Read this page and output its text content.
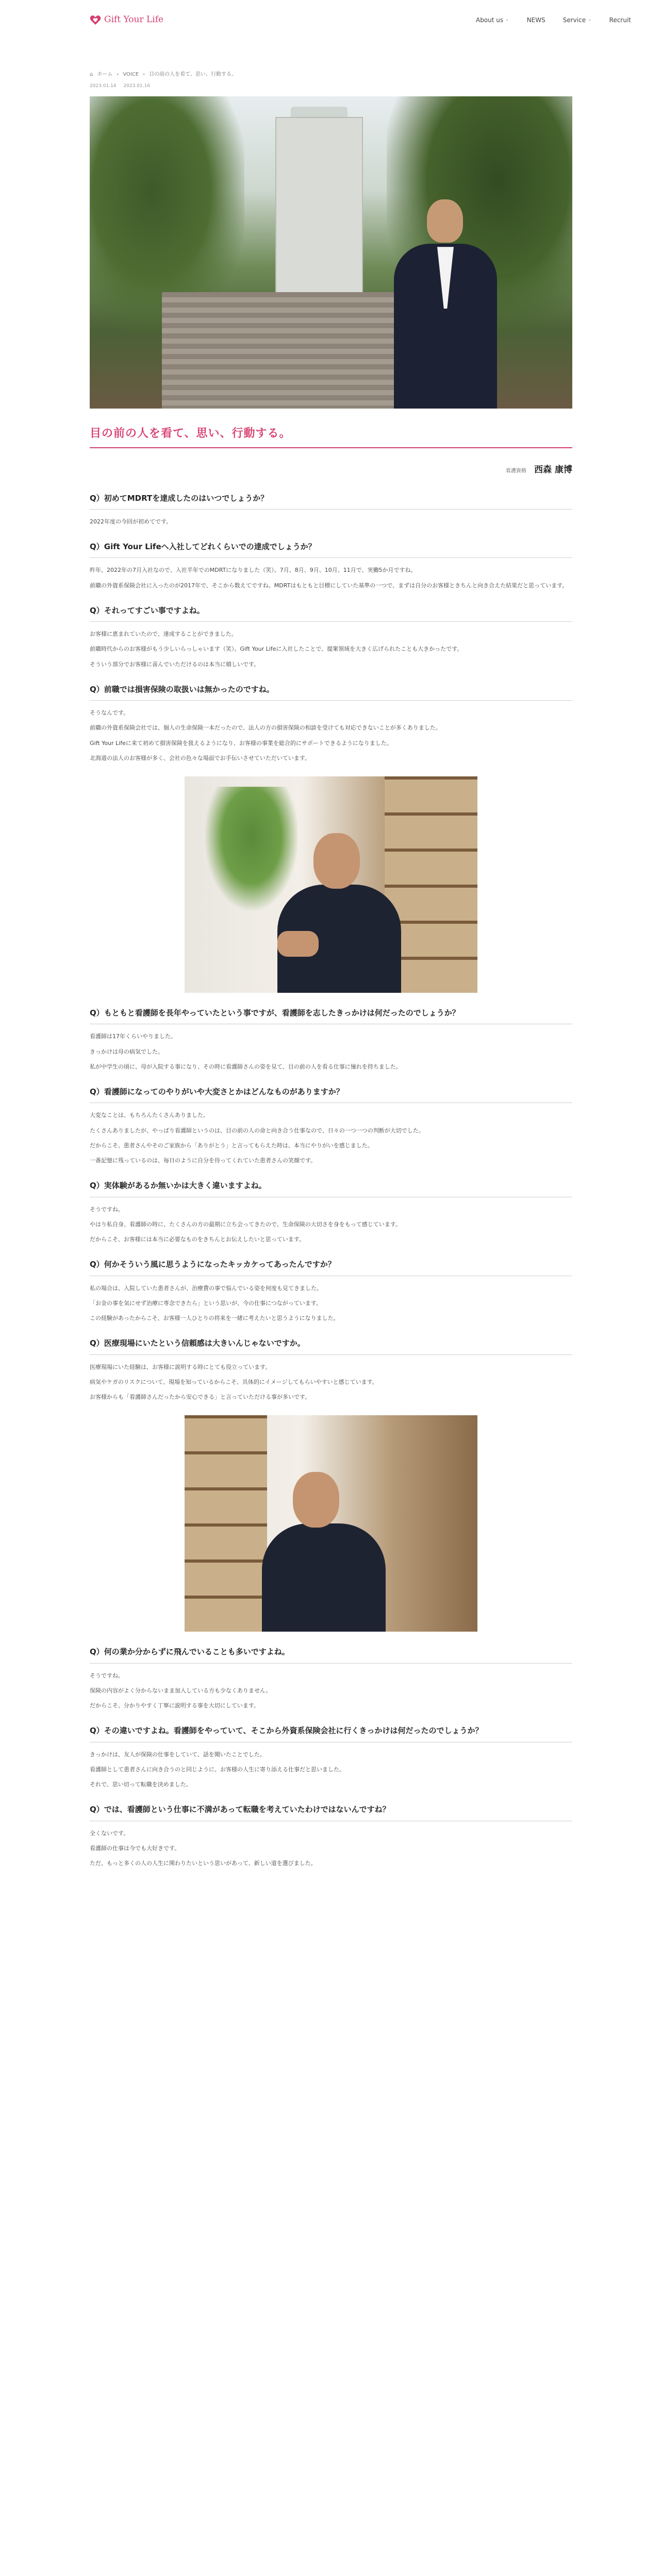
Gift Your Life	About us ⌄	NEWS	Service ⌄	Recruit
⌂ ホーム › VOICE › 目の前の人を看て、思い、行動する。
2023.01.14 2023.01.16
目の前の人を看て、思い、行動する。
看護資格 西森 康博
Q）初めてMDRTを達成したのはいつでしょうか？

2022年度の今回が初めてです。

Q）Gift Your Lifeへ入社してどれくらいでの達成でしょうか？

昨年、2022年の7月入社なので、入社半年でのMDRTになりました（笑）。7月、8月、9月、10月、11月で、実働5か月ですね。

前職の外資系保険会社に入ったのが2017年で、そこから数えてですね。MDRTはもともと目標にしていた基準の一つで、まずは自分のお客様ときちんと向き合えた結果だと思っています。

Q）それってすごい事ですよね。

お客様に恵まれていたので、達成することができました。

前職時代からのお客様がもう少しいらっしゃいます（笑）。Gift Your Lifeに入社したことで、提案領域を大きく広げられたことも大きかったです。

そういう部分でお客様に喜んでいただけるのは本当に嬉しいです。

Q）前職では損害保険の取扱いは無かったのですね。

そうなんです。

前職の外資系保険会社では、個人の生命保険一本だったので、法人の方の損害保険の相談を受けても対応できないことが多くありました。

Gift Your Lifeに来て初めて損害保険を扱えるようになり、お客様の事業を総合的にサポートできるようになりました。

北海道の法人のお客様が多く、会社の色々な場面でお手伝いさせていただいています。

Q）もともと看護師を長年やっていたという事ですが、看護師を志したきっかけは何だったのでしょうか？

看護師は17年くらいやりました。

きっかけは母の病気でした。

私が中学生の頃に、母が入院する事になり、その時に看護師さんの姿を見て、目の前の人を看る仕事に憧れを持ちました。

Q）看護師になってのやりがいや大変さとかはどんなものがありますか？

大変なことは、もちろんたくさんありました。

たくさんありましたが、やっぱり看護師というのは、目の前の人の命と向き合う仕事なので、日々の一つ一つの判断が大切でした。

だからこそ、患者さんやそのご家族から「ありがとう」と言ってもらえた時は、本当にやりがいを感じました。

一番記憶に残っているのは、毎日のように自分を待ってくれていた患者さんの笑顔です。

Q）実体験があるか無いかは大きく違いますよね。

そうですね。

やはり私自身、看護師の時に、たくさんの方の最期に立ち会ってきたので、生命保険の大切さを身をもって感じています。

だからこそ、お客様には本当に必要なものをきちんとお伝えしたいと思っています。

Q）何かそういう風に思うようになったキッカケってあったんですか？

私の場合は、入院していた患者さんが、治療費の事で悩んでいる姿を何度も見てきました。

「お金の事を気にせず治療に専念できたら」という思いが、今の仕事につながっています。

この経験があったからこそ、お客様一人ひとりの将来を一緒に考えたいと思うようになりました。

Q）医療現場にいたという信頼感は大きいんじゃないですか。

医療現場にいた経験は、お客様に説明する時にとても役立っています。

病気やケガのリスクについて、現場を知っているからこそ、具体的にイメージしてもらいやすいと感じています。

お客様からも「看護師さんだったから安心できる」と言っていただける事が多いです。

Q）何の業か分からずに飛んでいることも多いですよね。

そうですね。

保険の内容がよく分からないまま加入している方も少なくありません。

だからこそ、分かりやすく丁寧に説明する事を大切にしています。

Q）その違いですよね。看護師をやっていて、そこから外資系保険会社に行くきっかけは何だったのでしょうか？

きっかけは、友人が保険の仕事をしていて、話を聞いたことでした。

看護師として患者さんに向き合うのと同じように、お客様の人生に寄り添える仕事だと思いました。

それで、思い切って転職を決めました。

Q）では、看護師という仕事に不満があって転職を考えていたわけではないんですね？

全くないです。

看護師の仕事は今でも大好きです。

ただ、もっと多くの人の人生に関わりたいという思いがあって、新しい道を選びました。
